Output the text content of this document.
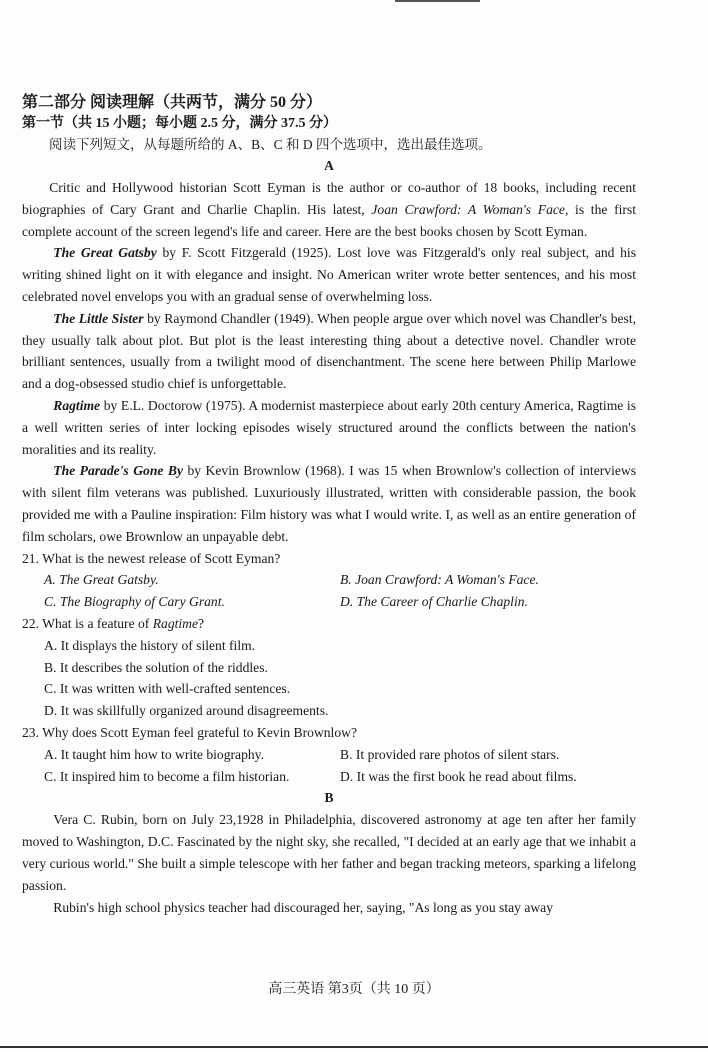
第二部分 阅读理解（共两节，满分 50 分）

第一节（共 15 小题；每小题 2.5 分，满分 37.5 分）

阅读下列短文，从每题所给的 A、B、C 和 D 四个选项中，选出最佳选项。

A

Critic and Hollywood historian Scott Eyman is the author or co-author of 18 books, including recent biographies of Cary Grant and Charlie Chaplin. His latest, Joan Crawford: A Woman's Face, is the first complete account of the screen legend's life and career. Here are the best books chosen by Scott Eyman.

The Great Gatsby by F. Scott Fitzgerald (1925). Lost love was Fitzgerald's only real subject, and his writing shined light on it with elegance and insight. No American writer wrote better sentences, and his most celebrated novel envelops you with an gradual sense of overwhelming loss.

The Little Sister by Raymond Chandler (1949). When people argue over which novel was Chandler's best, they usually talk about plot. But plot is the least interesting thing about a detective novel. Chandler wrote brilliant sentences, usually from a twilight mood of disenchantment. The scene here between Philip Marlowe and a dog-obsessed studio chief is unforgettable.

Ragtime by E.L. Doctorow (1975). A modernist masterpiece about early 20th century America, Ragtime is a well written series of inter locking episodes wisely structured around the conflicts between the nation's moralities and its reality.

The Parade's Gone By by Kevin Brownlow (1968). I was 15 when Brownlow's collection of interviews with silent film veterans was published. Luxuriously illustrated, written with considerable passion, the book provided me with a Pauline inspiration: Film history was what I would write. I, as well as an entire generation of film scholars, owe Brownlow an unpayable debt.

21. What is the newest release of Scott Eyman?

A. The Great Gatsby.	B. Joan Crawford: A Woman's Face.
C. The Biography of Cary Grant.	D. The Career of Charlie Chaplin.

22. What is a feature of Ragtime?

A. It displays the history of silent film.

B. It describes the solution of the riddles.

C. It was written with well-crafted sentences.

D. It was skillfully organized around disagreements.

23. Why does Scott Eyman feel grateful to Kevin Brownlow?

A. It taught him how to write biography.	B. It provided rare photos of silent stars.
C. It inspired him to become a film historian.	D. It was the first book he read about films.

B

Vera C. Rubin, born on July 23,1928 in Philadelphia, discovered astronomy at age ten after her family moved to Washington, D.C. Fascinated by the night sky, she recalled, "I decided at an early age that we inhabit a very curious world." She built a simple telescope with her father and began tracking meteors, sparking a lifelong passion.

Rubin's high school physics teacher had discouraged her, saying, "As long as you stay away

高三英语 第3页（共 10 页）
